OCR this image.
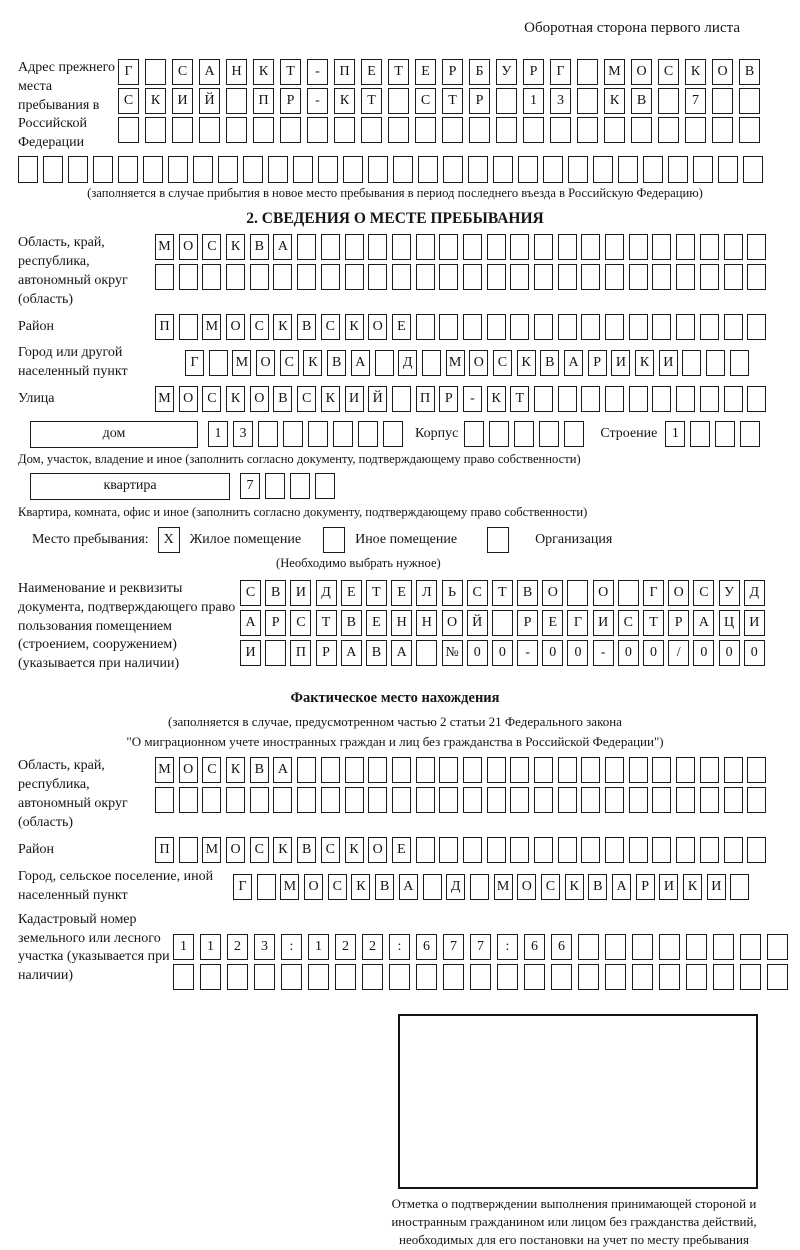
Оборотная сторона первого листа
Адрес прежнего места пребывания в Российской Федерации
Г	С	А	Н	К	Т	-	П	Е	Т	Е	Р	Б	У	Р	Г	М	О	С	К	О	В
С	К	И	Й	П	Р	-	К	Т	С	Т	Р	1	3	К	В	7
(заполняется в случае прибытия в новое место пребывания в период последнего въезда в Российскую Федерацию)
2. СВЕДЕНИЯ О МЕСТЕ ПРЕБЫВАНИЯ
Область, край, республика, автономный округ (область)
М О С	К	В А
Район	П	М О С	К	В	С	К О	Е
Город или другой населенный пункт
Г	М О С	К	В А	Д	М О С	К	В А	Р	И К И
Улица	М О С	К О В	С	К И Й	П	Р	-	К	Т
дом	1	3	Корпус	Строение	1
Дом, участок, владение и иное (заполнить согласно документу, подтверждающему право собственности)
квартира	7
Квартира, комната, офис и иное (заполнить согласно документу, подтверждающему право собственности)
Место пребывания:	X	Жилое помещение	Иное помещение	Организация
(Необходимо выбрать нужное)
Наименование и реквизиты документа, подтверждающего право пользования помещением (строением, сооружением) (указывается при наличии)
С	В	И	Д	Е	Т	Е	Л	Ь	С	Т	В	О	О	Г	О	С	У	Д
А	Р	С	Т	В	Е	Н	Н	О	Й	Р	Е	Г	И	С	Т	Р	А	Ц	И
И	П	Р	А	В	А	№	0	0	-	0	0	-	0	0	/	0	0	0
Фактическое место нахождения
(заполняется в случае, предусмотренном частью 2 статьи 21 Федерального закона
"О миграционном учете иностранных граждан и лиц без гражданства в Российской Федерации")
Область, край, республика, автономный округ (область)
М О С	К	В А
Район	П	М О С	К	В	С	К О	Е
Город, сельское поселение, иной населенный пункт
Г	М О С	К	В А	Д	М О С	К	В А	Р	И К И
Кадастровый номер земельного или лесного участка (указывается при наличии)
1	1	2	3	:	1	2	2	:	6	7	7	:	6	6
Отметка о подтверждении выполнения принимающей стороной и иностранным гражданином или лицом без гражданства действий, необходимых для его постановки на учет по месту пребывания
